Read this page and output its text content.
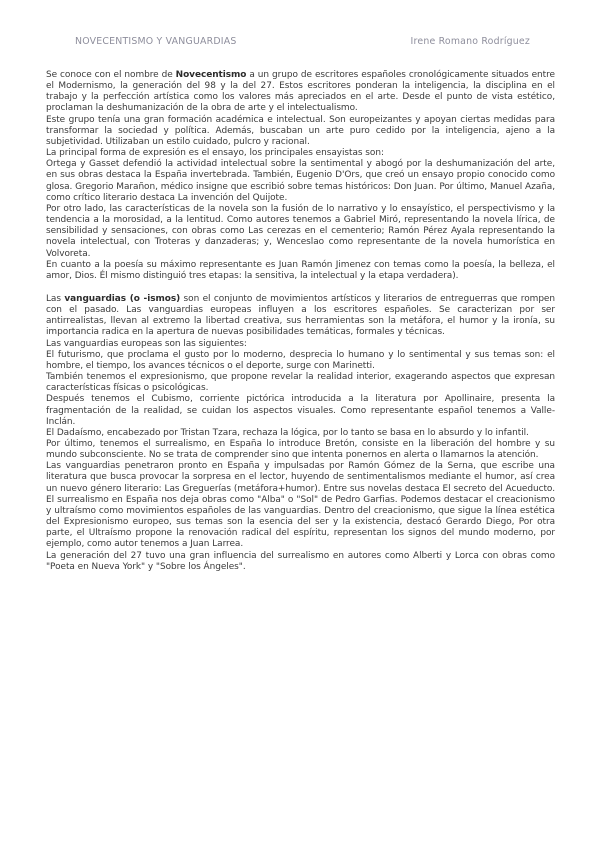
NOVECENTISMO Y VANGUARDIAS	Irene Romano Rodríguez

Se conoce con el nombre de Novecentismo a un grupo de escritores españoles cronológicamente situados entre el Modernismo, la generación del 98 y la del 27. Estos escritores ponderan la inteligencia, la disciplina en el trabajo y la perfección artística como los valores más apreciados en el arte. Desde el punto de vista estético, proclaman la deshumanización de la obra de arte y el intelectualismo.

Este grupo tenía una gran formación académica e intelectual. Son europeizantes y apoyan ciertas medidas para transformar la sociedad y política. Además, buscaban un arte puro cedido por la inteligencia, ajeno a la subjetividad. Utilizaban un estilo cuidado, pulcro y racional.

La principal forma de expresión es el ensayo, los principales ensayistas son:

Ortega y Gasset defendió la actividad intelectual sobre la sentimental y abogó por la deshumanización del arte, en sus obras destaca la España invertebrada. También, Eugenio D'Ors, que creó un ensayo propio conocido como glosa. Gregorio Marañon, médico insigne que escribió sobre temas históricos: Don Juan. Por último, Manuel Azaña, como crítico literario destaca La invención del Quijote.

Por otro lado, las características de la novela son la fusión de lo narrativo y lo ensayístico, el perspectivismo y la tendencia a la morosidad, a la lentitud. Como autores tenemos a Gabriel Miró, representando la novela lírica, de sensibilidad y sensaciones, con obras como Las cerezas en el cementerio; Ramón Pérez Ayala representando la novela intelectual, con Troteras y danzaderas; y, Wenceslao como representante de la novela humorística en Volvoreta.

En cuanto a la poesía su máximo representante es Juan Ramón Jimenez con temas como la poesía, la belleza, el amor, Dios. Él mismo distinguió tres etapas: la sensitiva, la intelectual y la etapa verdadera).

Las vanguardias (o -ismos) son el conjunto de movimientos artísticos y literarios de entreguerras que rompen con el pasado. Las vanguardias europeas influyen a los escritores españoles. Se caracterizan por ser antirrealistas, llevan al extremo la libertad creativa, sus herramientas son la metáfora, el humor y la ironía, su importancia radica en la apertura de nuevas posibilidades temáticas, formales y técnicas.

Las vanguardias europeas son las siguientes:

El futurismo, que proclama el gusto por lo moderno, desprecia lo humano y lo sentimental y sus temas son: el hombre, el tiempo, los avances técnicos o el deporte, surge con Marinetti.

También tenemos el expresionismo, que propone revelar la realidad interior, exagerando aspectos que expresan características físicas o psicológicas.

Después tenemos el Cubismo, corriente pictórica introducida a la literatura por Apollinaire, presenta la fragmentación de la realidad, se cuidan los aspectos visuales. Como representante español tenemos a Valle- Inclán.

El Dadaísmo, encabezado por Tristan Tzara, rechaza la lógica, por lo tanto se basa en lo absurdo y lo infantil.

Por último, tenemos el surrealismo, en España lo introduce Bretón, consiste en la liberación del hombre y su mundo subconsciente. No se trata de comprender sino que intenta ponernos en alerta o llamarnos la atención.

Las vanguardias penetraron pronto en España y impulsadas por Ramón Gómez de la Serna, que escribe una literatura que busca provocar la sorpresa en el lector, huyendo de sentimentalismos mediante el humor, así crea un nuevo género literario: Las Greguerías (metáfora+humor). Entre sus novelas destaca El secreto del Acueducto. El surrealismo en España nos deja obras como "Alba" o "Sol" de Pedro Garfias. Podemos destacar el creacionismo y ultraísmo como movimientos españoles de las vanguardias. Dentro del creacionismo, que sigue la línea estética del Expresionismo europeo, sus temas son la esencia del ser y la existencia, destacó Gerardo Diego, Por otra parte, el Ultraísmo propone la renovación radical del espíritu, representan los signos del mundo moderno, por ejemplo, como autor tenemos a Juan Larrea.

La generación del 27 tuvo una gran influencia del surrealismo en autores como Alberti y Lorca con obras como "Poeta en Nueva York" y "Sobre los Ángeles".
